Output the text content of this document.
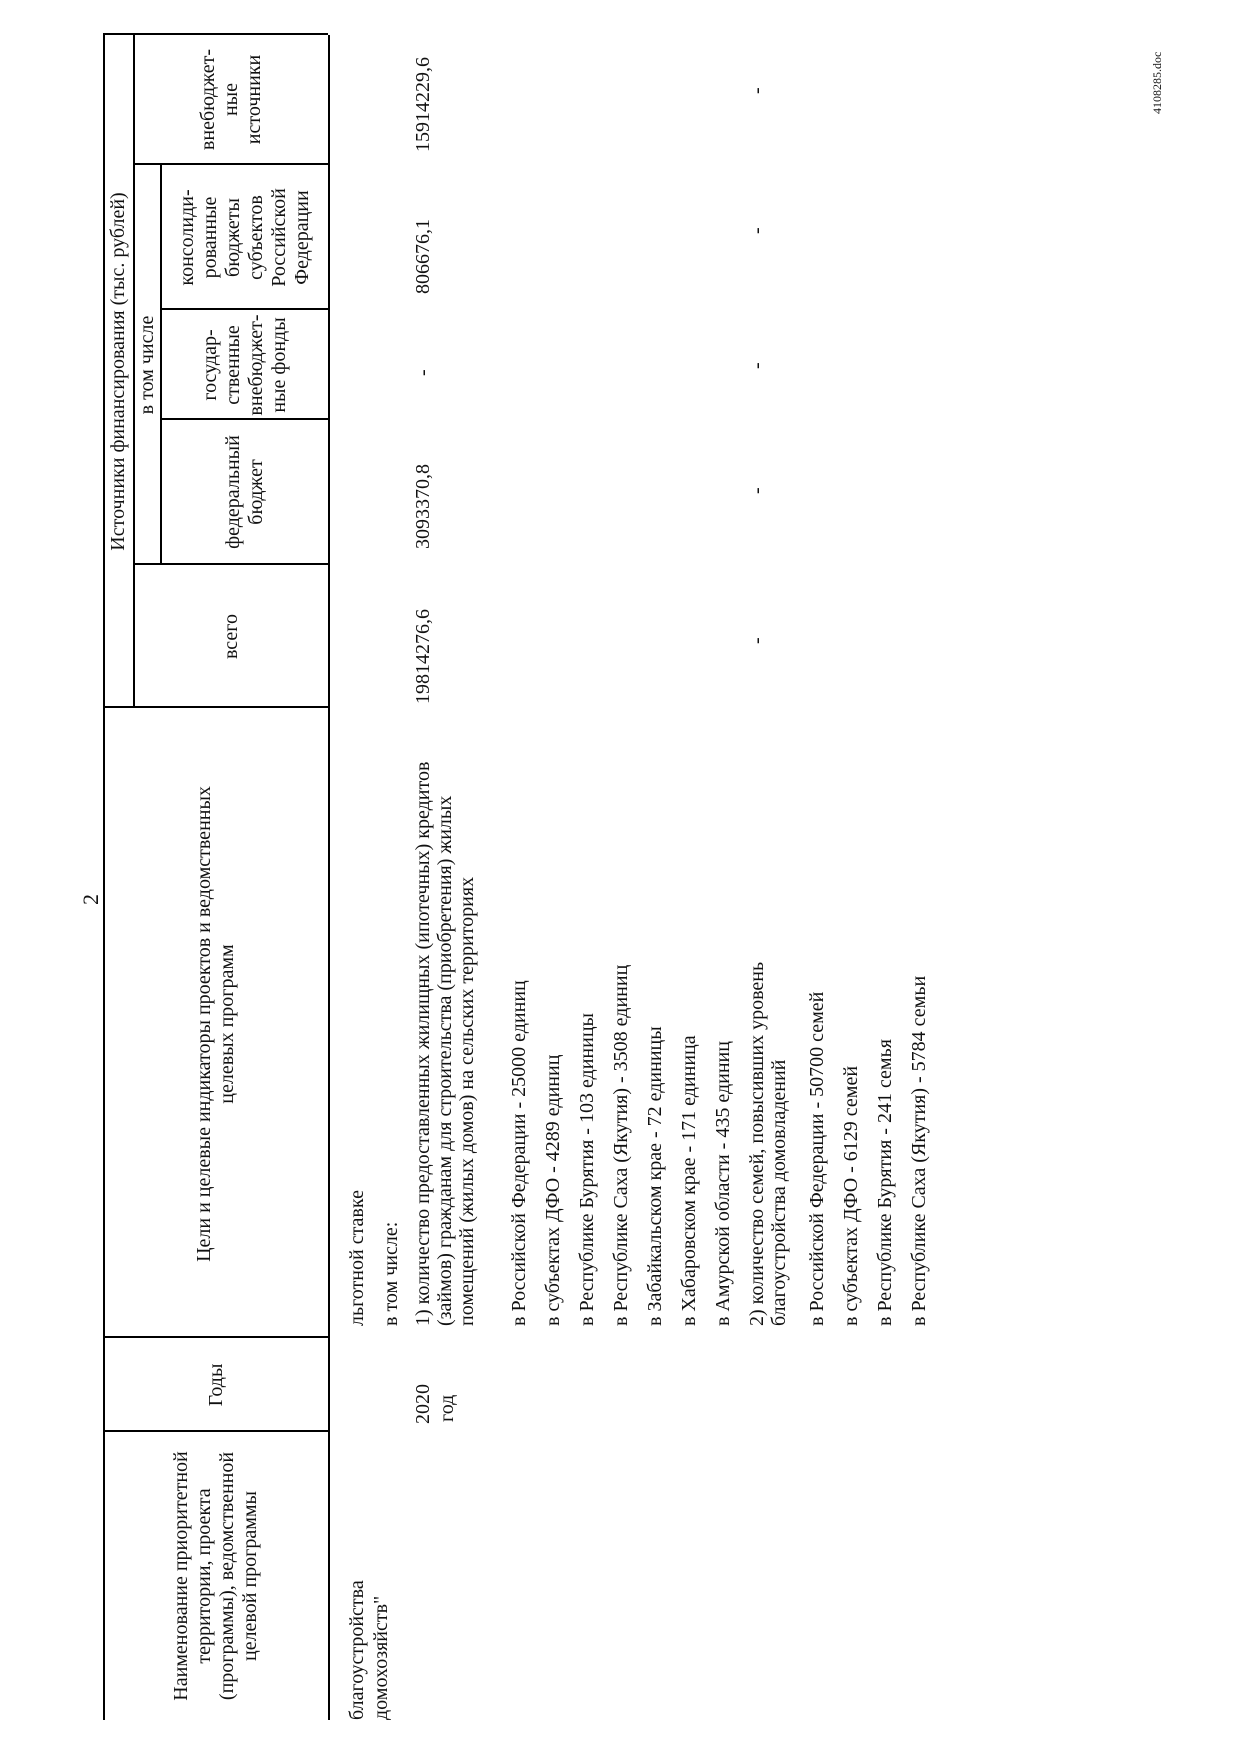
2
Наименование приоритетной территории, проекта (программы), ведомственной целевой программы
Годы
Цели и целевые индикаторы проектов и ведомственных целевых программ
Источники финансирования (тыс. рублей)
всего
в том числе
федеральный бюджет
государ-ственные внебюджет-ные фонды
консолиди-рованные бюджеты субъектов Российской Федерации
внебюджет-ные источники
благоустройства домохозяйств"
2020 год
льготной ставке в том числе: 1) количество предоставленных жилищных (ипотечных) кредитов (займов) гражданам для строительства (приобретения) жилых помещений (жилых домов) на сельских территориях в Российской Федерации - 25000 единиц в субъектах ДФО - 4289 единиц в Республике Бурятия - 103 единицы в Республике Саха (Якутия) - 3508 единиц в Забайкальском крае - 72 единицы в Хабаровском крае - 171 единица в Амурской области - 435 единиц 2) количество семей, повысивших уровень благоустройства домовладений в Российской Федерации - 50700 семей в субъектах ДФО - 6129 семей в Республике Бурятия - 241 семья в Республике Саха (Якутия) - 5784 семьи
19814276,6
3093370,8
-
806676,1
15914229,6
-
-
-
-
-	4108285.doc
